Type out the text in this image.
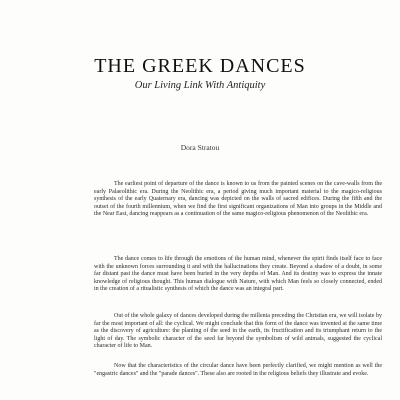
THE GREEK DANCES
Our Living Link With Antiquity
Dora Stratou

The earliest point of departure of the dance is known to us from the painted scenes on the cave-walls from the early Palaeolithic era. During the Neolithic era, a period giving much important material to the magico-religious synthesis of the early Quaternary era, dancing was depicted on the walls of sacred edifices. During the fifth and the outset of the fourth millennium, when we find the first significant organizations of Man into groups in the Middle and the Near East, dancing reappears as a continuation of the same magico-religious phenomenon of the Neolithic era.

The dance comes to life through the emotions of the human mind, whenever the spirit finds itself face to face with the unknown forces surrounding it and with the hallucinations they create. Beyond a shadow of a doubt, in some far distant past the dance must have been buried in the very depths of Man. And its destiny was to express the innate knowledge of religious thought. This human dialogue with Nature, with which Man feels so closely connected, ended in the creation of a ritualistic synthesis of which the dance was an integral part.

Out of the whole galaxy of dances developed during the millenia preceding the Christian era, we will isolate by far the most important of all: the cyclical. We might conclude that this form of the dance was invented at the same time as the discovery of agriculture: the planting of the seed in the earth, its fructification and its triumphant return to the light of day. The symbolic character of the seed far beyond the symbolism of wild animals, suggested the cyclical character of life to Man.

Now that the characteristics of the circular dance have been perfectly clarified, we might mention as well the "engastric dances" and the "parade dances". These also are rooted in the religious beliefs they illustrate and evoke.
